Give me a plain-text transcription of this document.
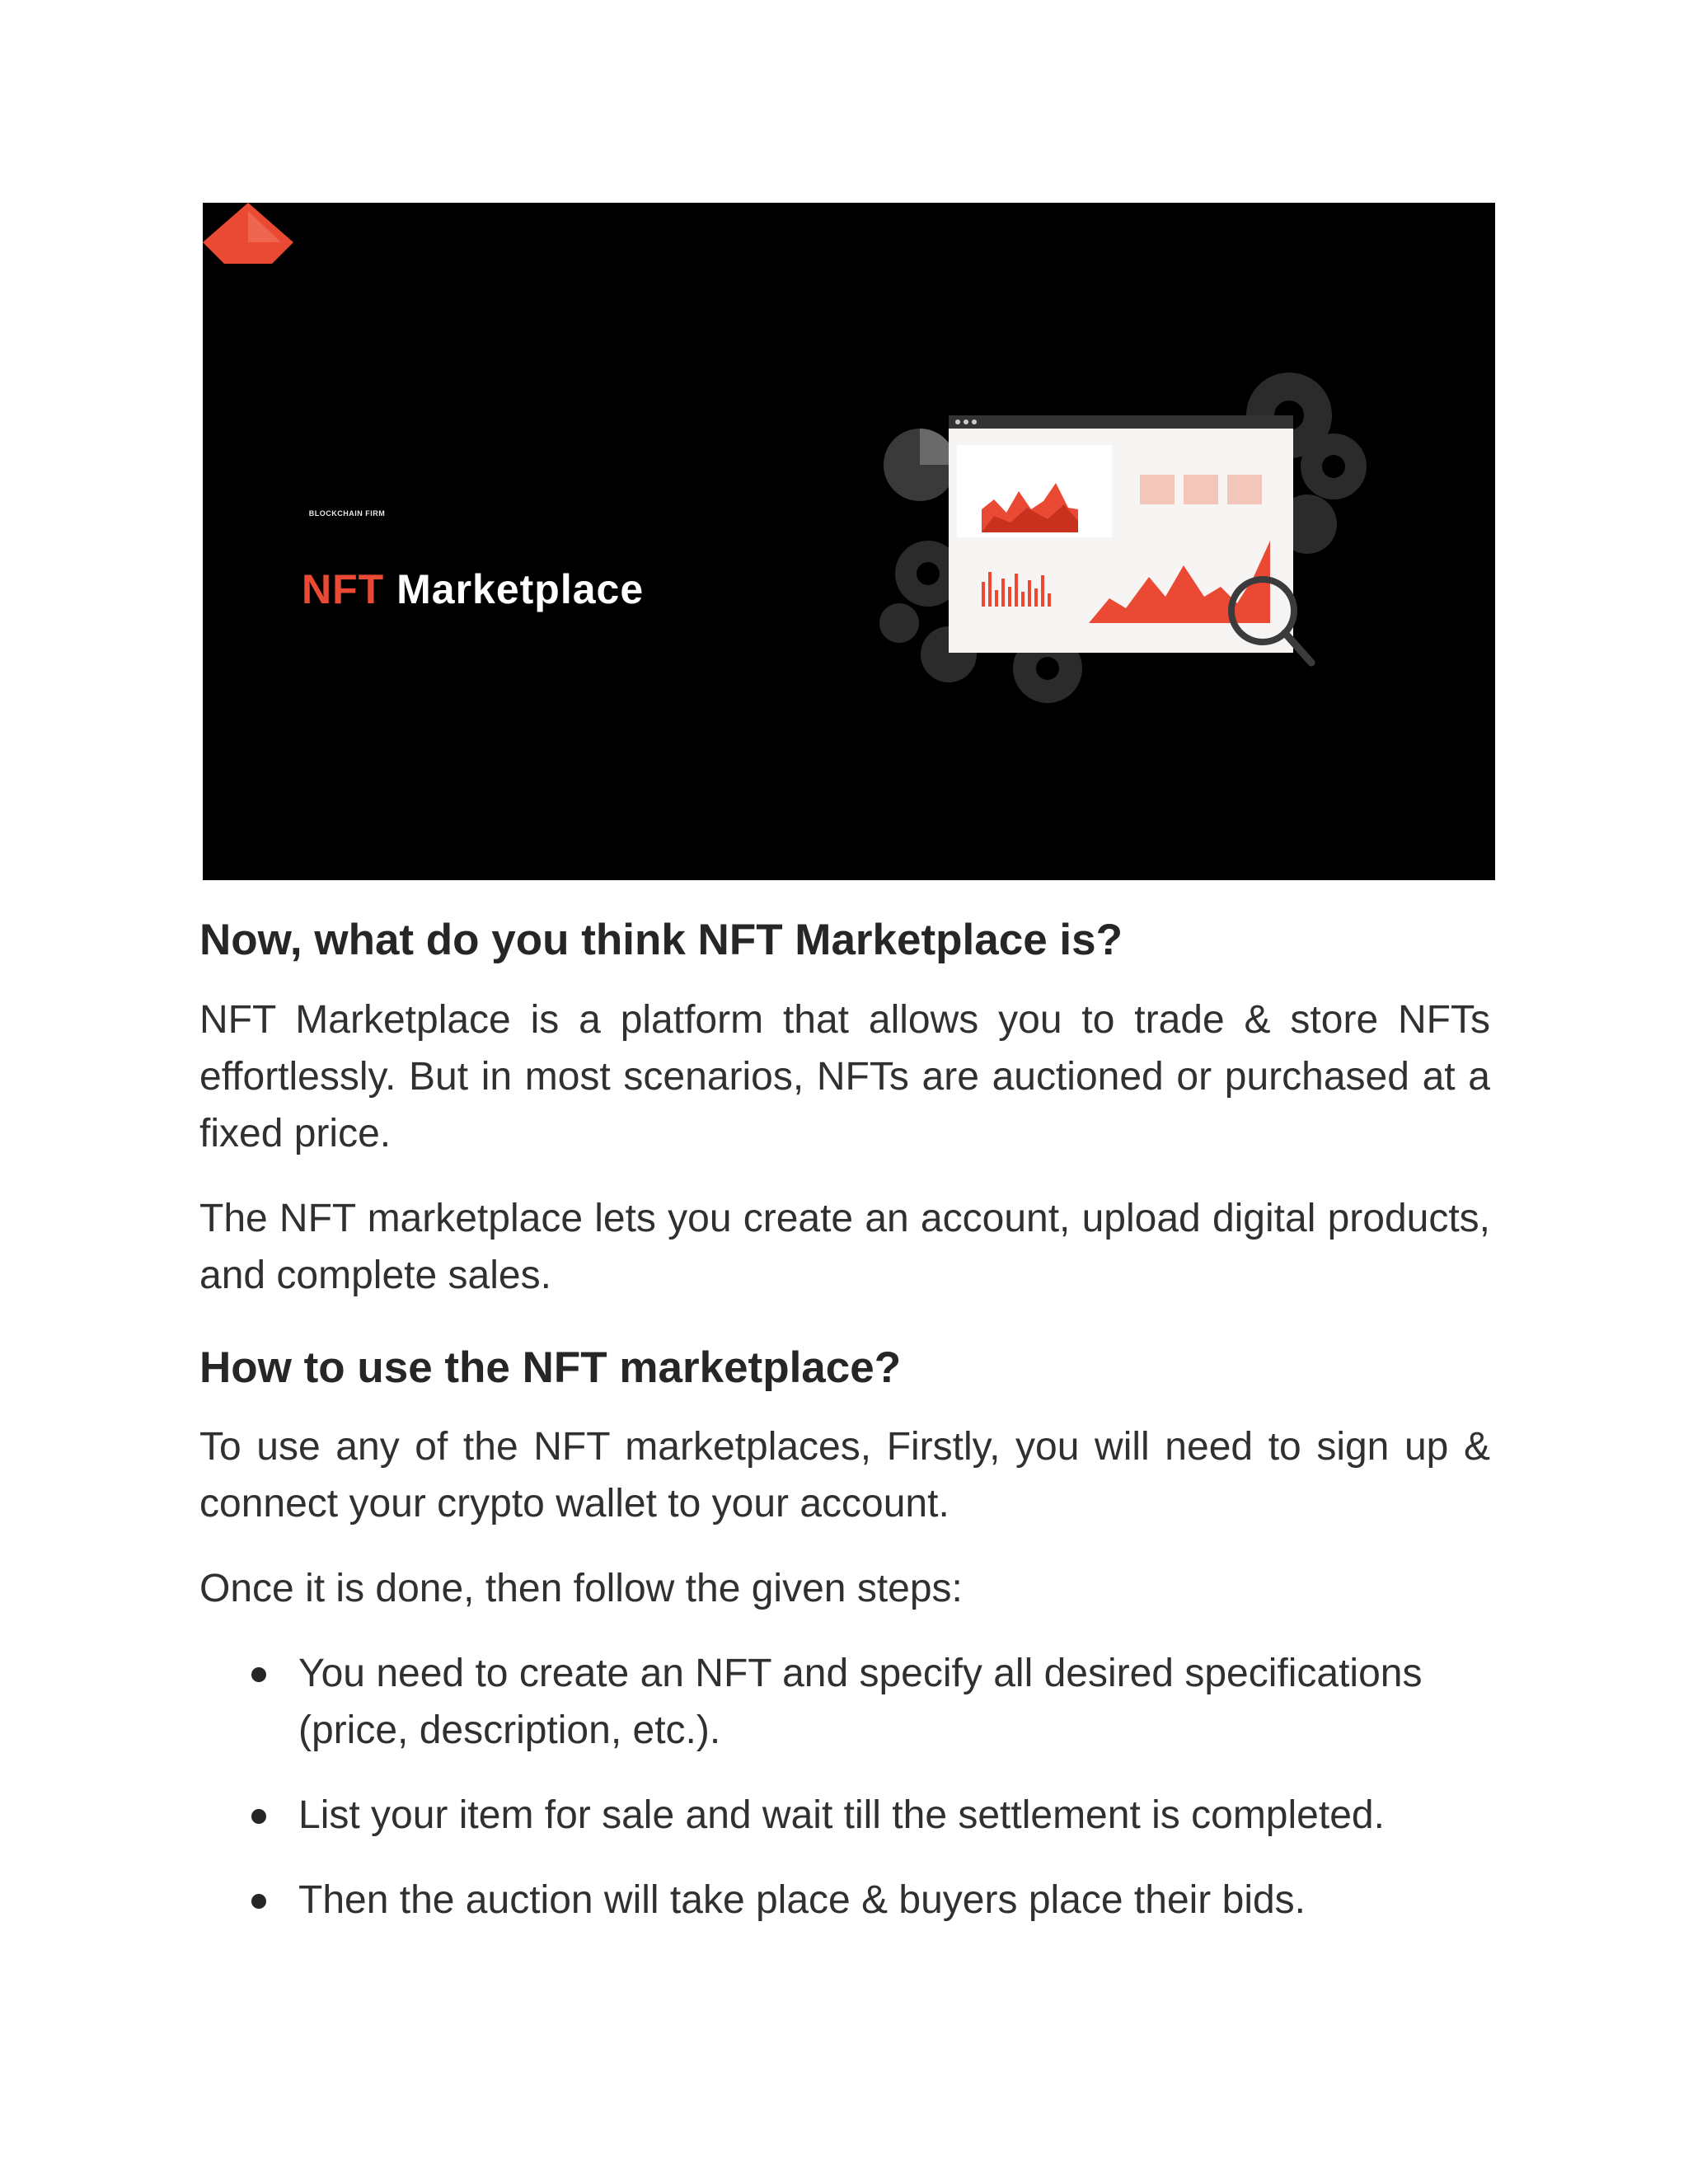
BLOCKCHAIN FIRM
NFT Marketplace
Now, what do you think NFT Marketplace is?

NFT Marketplace is a platform that allows you to trade & store NFTs effortlessly. But in most scenarios, NFTs are auctioned or purchased at a fixed price.

The NFT marketplace lets you create an account, upload digital products, and complete sales.

How to use the NFT marketplace?

To use any of the NFT marketplaces, Firstly, you will need to sign up & connect your crypto wallet to your account.

Once it is done, then follow the given steps:

You need to create an NFT and specify all desired specifications (price, description, etc.).
List your item for sale and wait till the settlement is completed.
Then the auction will take place & buyers place their bids.
